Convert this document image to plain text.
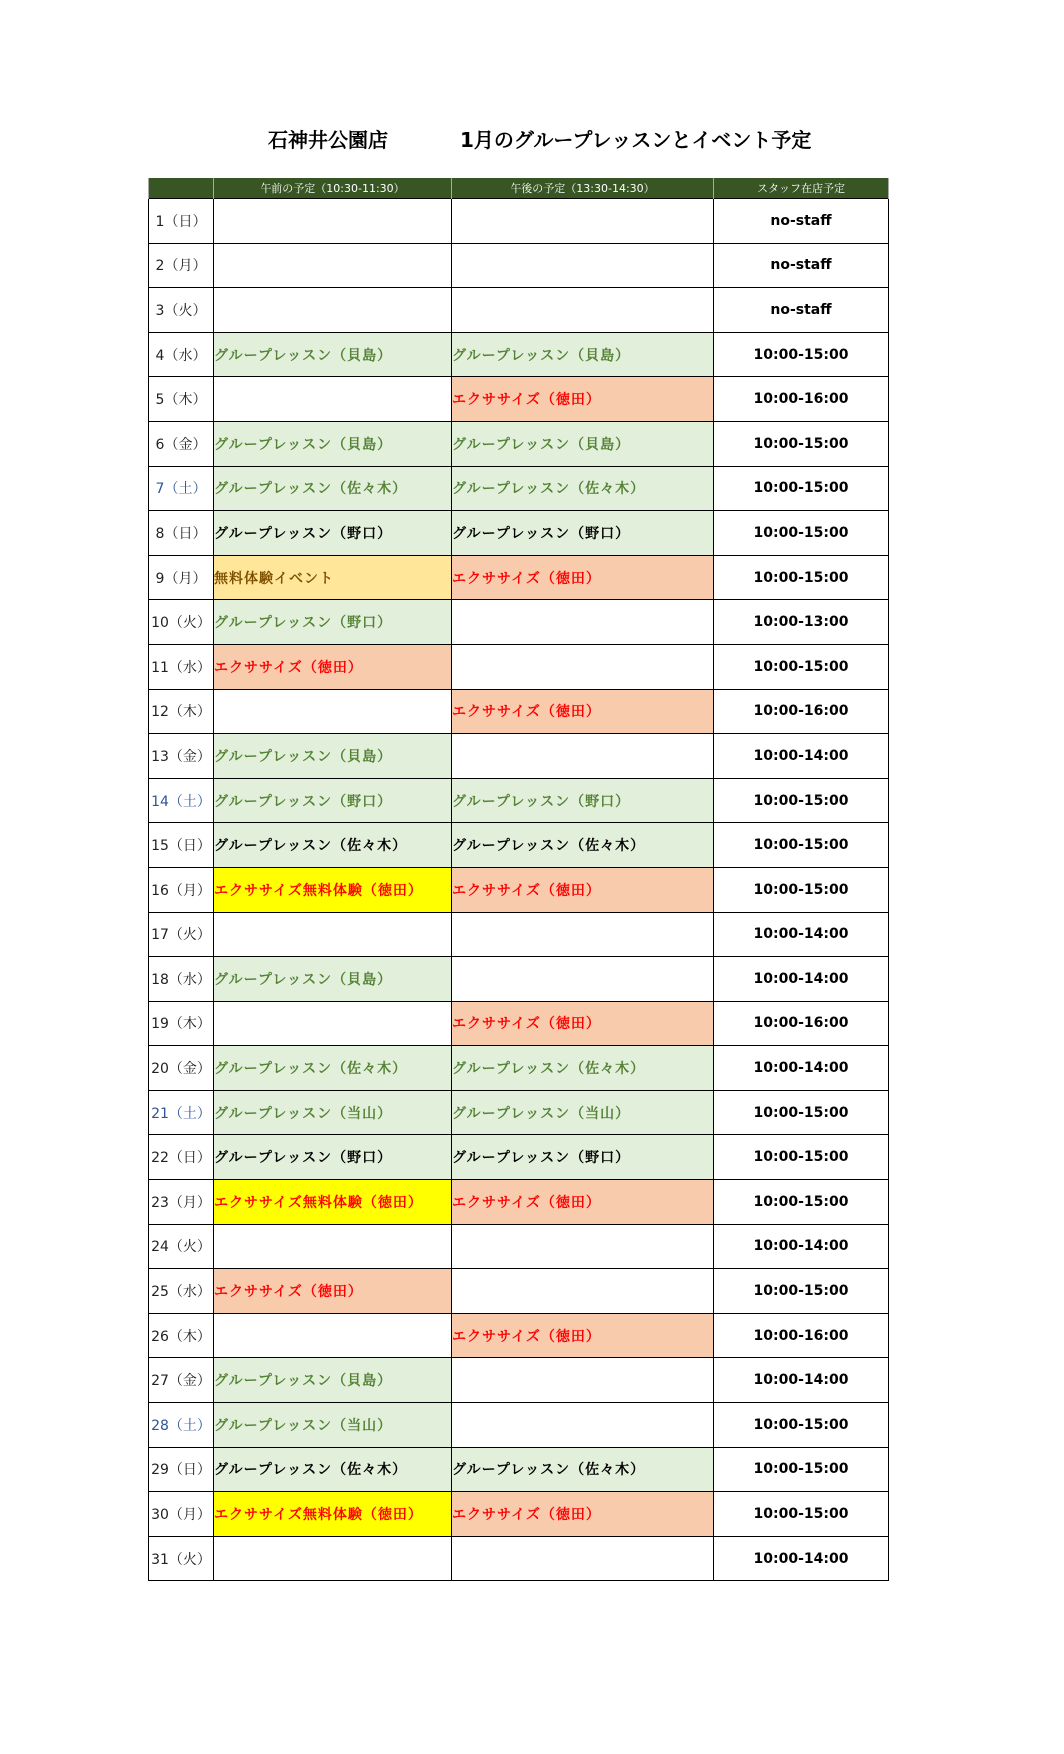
石神井公園店	1月のグループレッスンとイベント予定
	午前の予定（10:30-11:30）	午後の予定（13:30-14:30）	スタッフ在店予定
1（日）			no-staff
2（月）			no-staff
3（火）			no-staff
4（水）	グループレッスン（貝島）	グループレッスン（貝島）	10:00-15:00
5（木）		エクササイズ（徳田）	10:00-16:00
6（金）	グループレッスン（貝島）	グループレッスン（貝島）	10:00-15:00
7（土）	グループレッスン（佐々木）	グループレッスン（佐々木）	10:00-15:00
8（日）	グループレッスン（野口）	グループレッスン（野口）	10:00-15:00
9（月）	無料体験イベント	エクササイズ（徳田）	10:00-15:00
10（火）	グループレッスン（野口）		10:00-13:00
11（水）	エクササイズ（徳田）		10:00-15:00
12（木）		エクササイズ（徳田）	10:00-16:00
13（金）	グループレッスン（貝島）		10:00-14:00
14（土）	グループレッスン（野口）	グループレッスン（野口）	10:00-15:00
15（日）	グループレッスン（佐々木）	グループレッスン（佐々木）	10:00-15:00
16（月）	エクササイズ無料体験（徳田）	エクササイズ（徳田）	10:00-15:00
17（火）			10:00-14:00
18（水）	グループレッスン（貝島）		10:00-14:00
19（木）		エクササイズ（徳田）	10:00-16:00
20（金）	グループレッスン（佐々木）	グループレッスン（佐々木）	10:00-14:00
21（土）	グループレッスン（当山）	グループレッスン（当山）	10:00-15:00
22（日）	グループレッスン（野口）	グループレッスン（野口）	10:00-15:00
23（月）	エクササイズ無料体験（徳田）	エクササイズ（徳田）	10:00-15:00
24（火）			10:00-14:00
25（水）	エクササイズ（徳田）		10:00-15:00
26（木）		エクササイズ（徳田）	10:00-16:00
27（金）	グループレッスン（貝島）		10:00-14:00
28（土）	グループレッスン（当山）		10:00-15:00
29（日）	グループレッスン（佐々木）	グループレッスン（佐々木）	10:00-15:00
30（月）	エクササイズ無料体験（徳田）	エクササイズ（徳田）	10:00-15:00
31（火）			10:00-14:00
